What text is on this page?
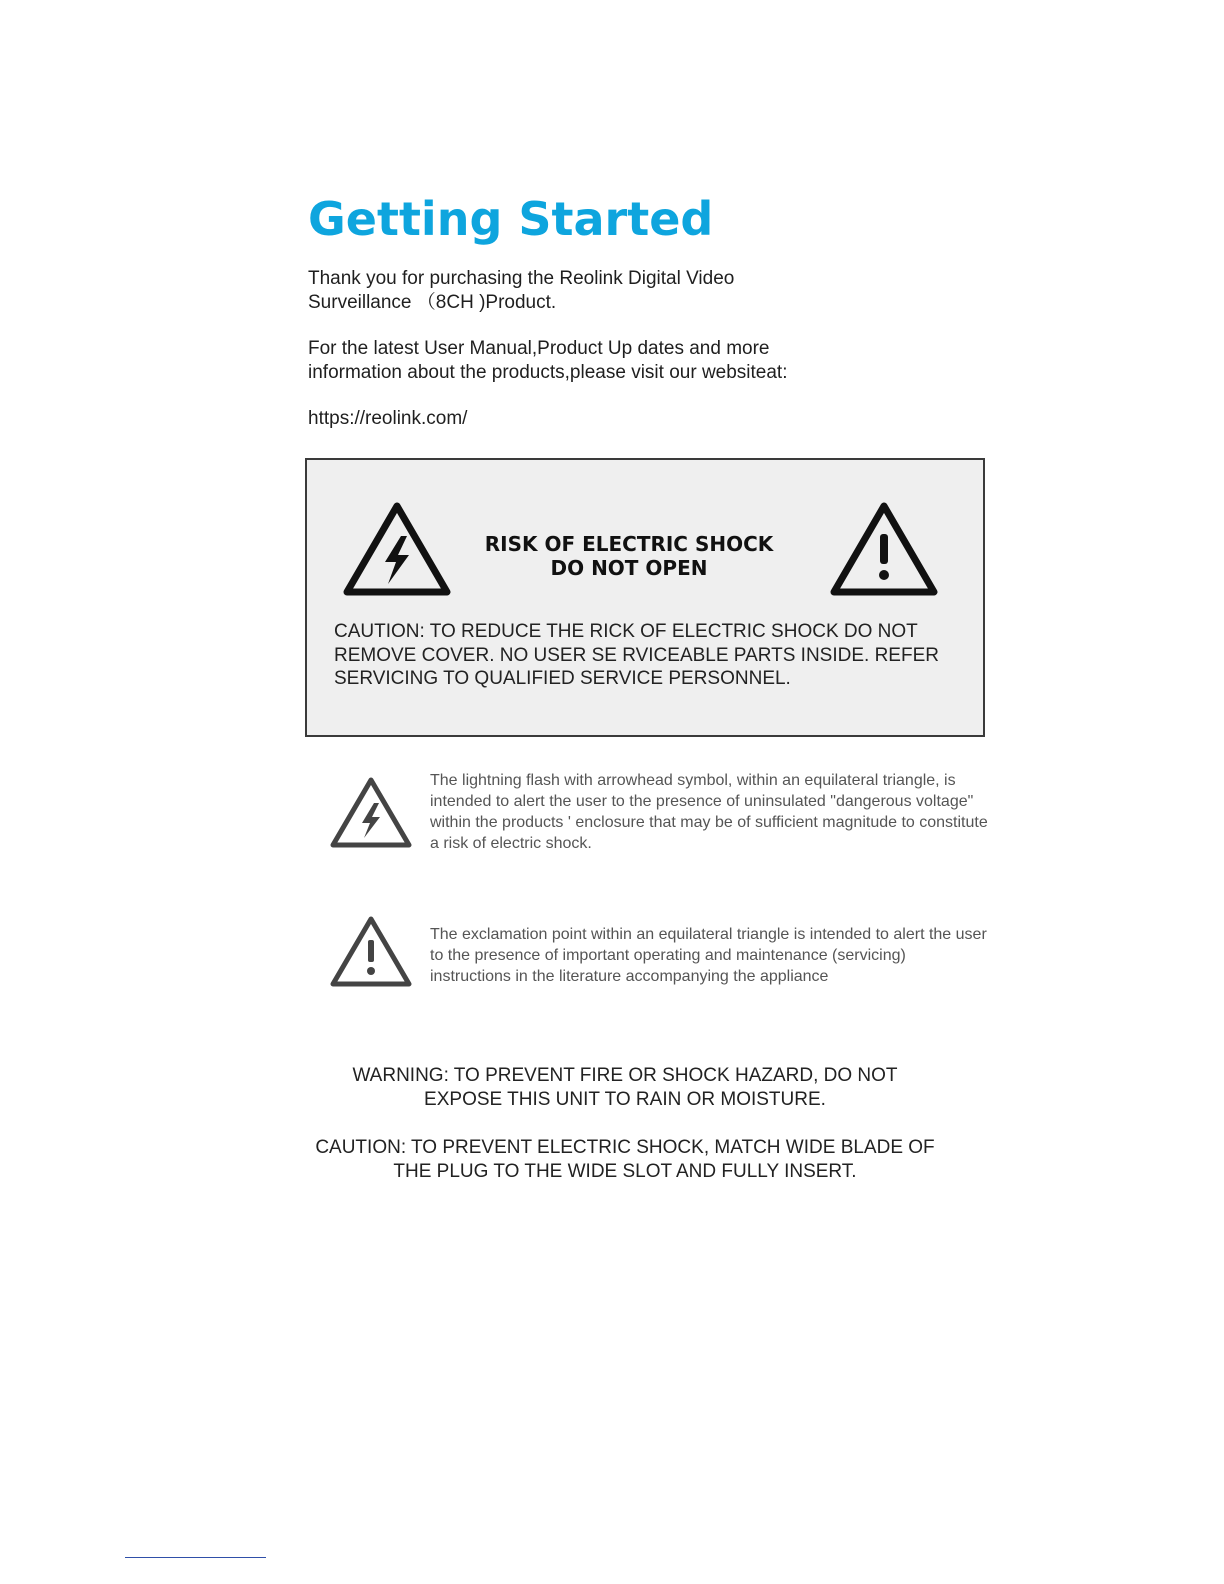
Getting Started

Thank you for purchasing the Reolink Digital Video
Surveillance （8CH )Product.

For the latest User Manual,Product Up dates and more
information about the products,please visit our websiteat:

https://reolink.com/

RISK OF ELECTRIC SHOCK
DO NOT OPEN
CAUTION: TO REDUCE THE RICK OF ELECTRIC SHOCK DO NOT REMOVE COVER. NO USER SE RVICEABLE PARTS INSIDE. REFER SERVICING TO QUALIFIED SERVICE PERSONNEL.

The lightning flash with arrowhead symbol, within an equilateral triangle, is intended to alert the user to the presence of uninsulated "dangerous voltage" within the products ' enclosure that may be of sufficient magnitude to constitute a risk of electric shock.

The exclamation point within an equilateral triangle is intended to alert the user to the presence of important operating and maintenance (servicing) instructions in the literature accompanying the appliance

WARNING: TO PREVENT FIRE OR SHOCK HAZARD, DO NOT
EXPOSE THIS UNIT TO RAIN OR MOISTURE.

CAUTION: TO PREVENT ELECTRIC SHOCK, MATCH WIDE BLADE OF
THE PLUG TO THE WIDE SLOT AND FULLY INSERT.
